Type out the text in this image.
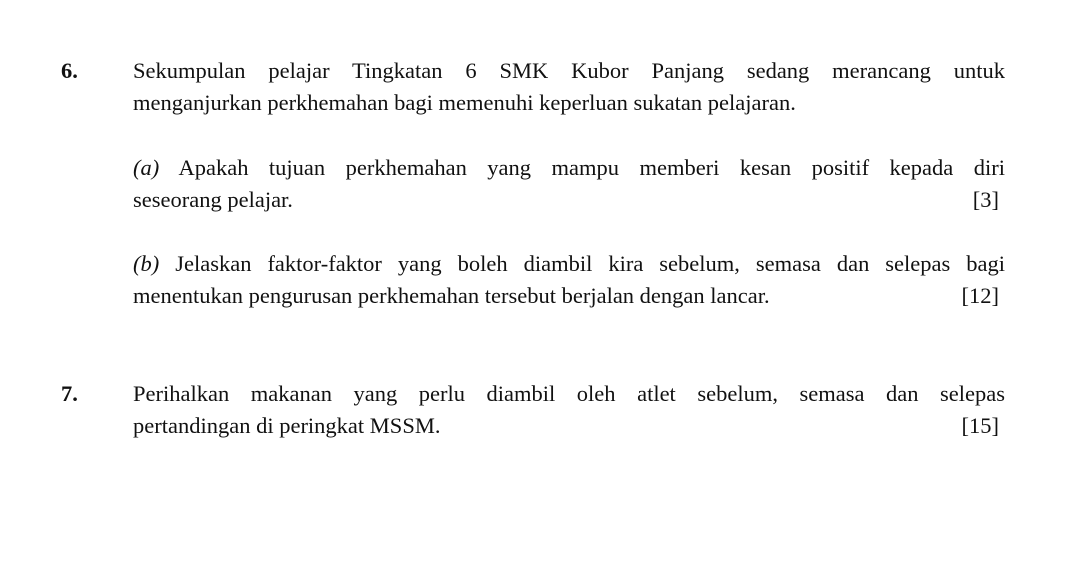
6. Sekumpulan pelajar Tingkatan 6 SMK Kubor Panjang sedang merancang untuk
menganjurkan perkhemahan bagi memenuhi keperluan sukatan pelajaran.
(a) Apakah tujuan perkhemahan yang mampu memberi kesan positif kepada diri
seseorang pelajar.	[3]
(b) Jelaskan faktor-faktor yang boleh diambil kira sebelum, semasa dan selepas bagi
menentukan pengurusan perkhemahan tersebut berjalan dengan lancar.	[12]
7. Perihalkan makanan yang perlu diambil oleh atlet sebelum, semasa dan selepas
pertandingan di peringkat MSSM.	[15]
